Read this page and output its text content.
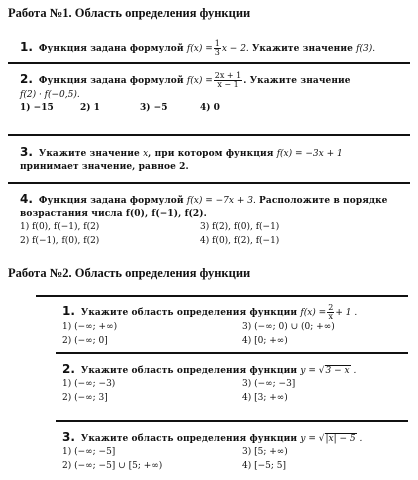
Работа №1. Область определения функции
1. Функция задана формулой $f(x) = \frac{1}{3}$ x − 2. Укажите значение f(3).
2. Функция задана формулой $f(x) = \frac{2x + 1}{x - 1}$ . Укажите значение
f(2) · f(−0,5).
1) −15	2) 1	3) −5	4) 0
3. Укажите значение x, при котором функция f(x) = −3x + 1
принимает значение, равное 2.
4. Функция задана формулой f(x) = −7x + 3. Расположите в порядке
возрастания числа f(0), f(−1), f(2).
1) f(0), f(−1), f(2)	3) f(2), f(0), f(−1)
2) f(−1), f(0), f(2)	4) f(0), f(2), f(−1)
Работа №2. Область определения функции
1. Укажите область определения функции $f(x) = \frac{2}{x} + 1$ .
1) (−∞; +∞)	3) (−∞; 0) ∪ (0; +∞)
2) (−∞; 0]	4) [0; +∞)
2. Укажите область определения функции y = √3 − x .
1) (−∞; −3)	3) (−∞; −3]
2) (−∞; 3]	4) [3; +∞)
3. Укажите область определения функции y = √|x| − 5 .
1) (−∞; −5]	3) [5; +∞)
2) (−∞; −5] ∪ [5; +∞)	4) [−5; 5]
